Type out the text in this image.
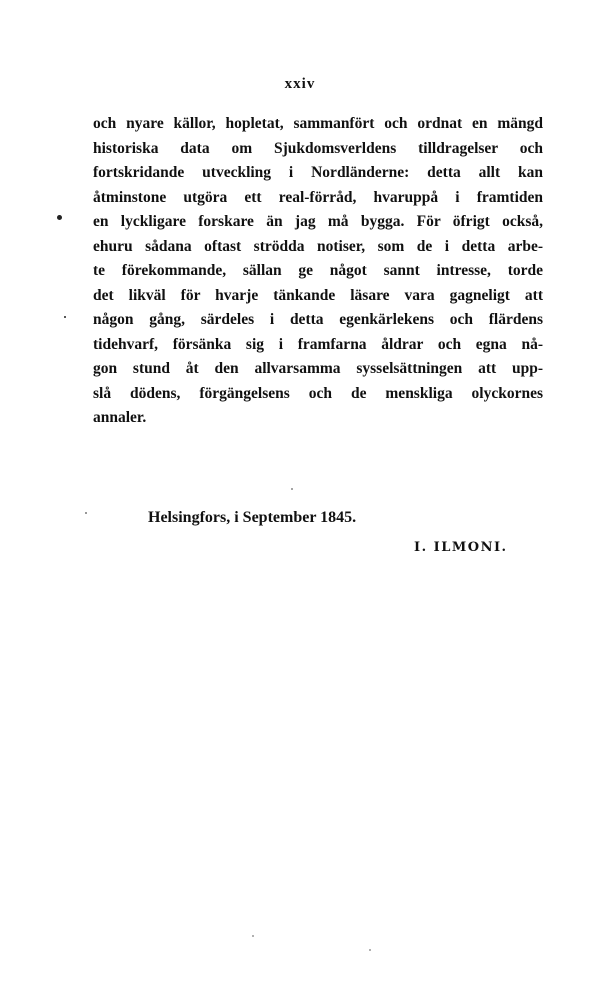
xxiv
och nyare källor, hopletat, sammanfört och ordnat en mängd
historiska data om Sjukdomsverldens tilldragelser och
fortskridande utveckling i Nordländerne: detta allt kan
åtminstone utgöra ett real-förråd, hvaruppå i framtiden
en lyckligare forskare än jag må bygga. För öfrigt också,
ehuru sådana oftast strödda notiser, som de i detta arbe-
te förekommande, sällan ge något sannt intresse, torde
det likväl för hvarje tänkande läsare vara gagneligt att
någon gång, särdeles i detta egenkärlekens och flärdens
tidehvarf, försänka sig i framfarna åldrar och egna nå-
gon stund åt den allvarsamma sysselsättningen att upp-
slå dödens, förgängelsens och de menskliga olyckornes
annaler.
Helsingfors, i September 1845.
I. ILMONI.
